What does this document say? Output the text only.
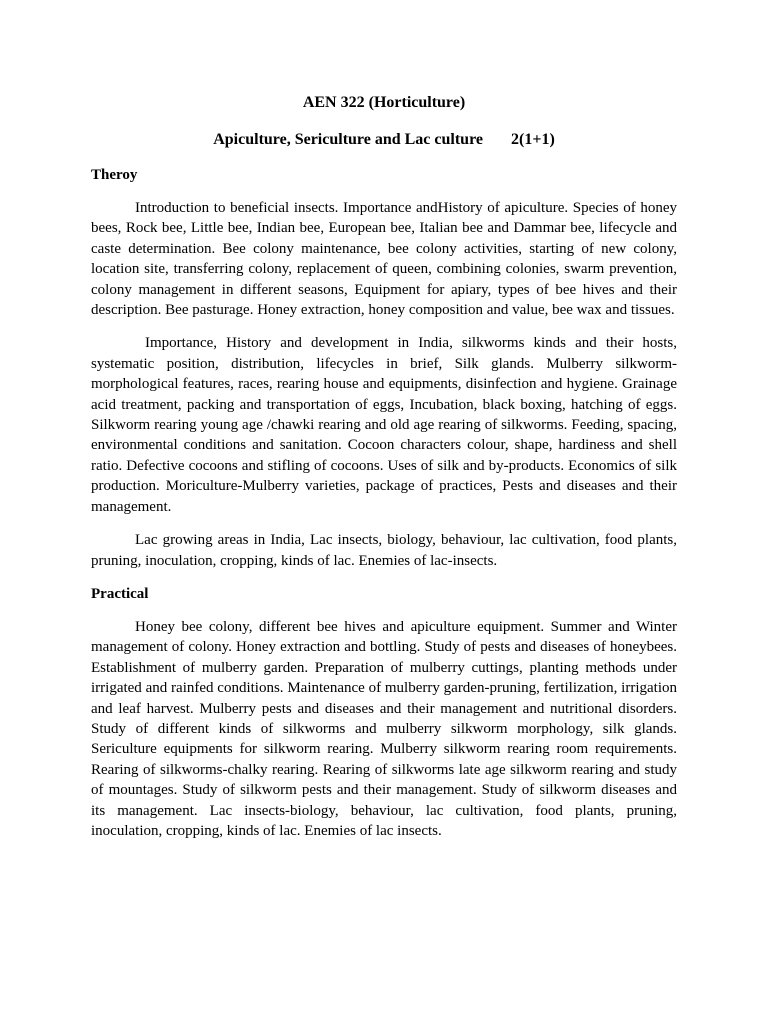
AEN 322 (Horticulture)
Apiculture, Sericulture and Lac culture 2(1+1)
Theroy

Introduction to beneficial insects. Importance andHistory of apiculture. Species of honey bees, Rock bee, Little bee, Indian bee, European bee, Italian bee and Dammar bee, lifecycle and caste determination. Bee colony maintenance, bee colony activities, starting of new colony, location site, transferring colony, replacement of queen, combining colonies, swarm prevention, colony management in different seasons, Equipment for apiary, types of bee hives and their description. Bee pasturage. Honey extraction, honey composition and value, bee wax and tissues.

Importance, History and development in India, silkworms kinds and their hosts, systematic position, distribution, lifecycles in brief, Silk glands. Mulberry silkworm-morphological features, races, rearing house and equipments, disinfection and hygiene. Grainage acid treatment, packing and transportation of eggs, Incubation, black boxing, hatching of eggs. Silkworm rearing young age /chawki rearing and old age rearing of silkworms. Feeding, spacing, environmental conditions and sanitation. Cocoon characters colour, shape, hardiness and shell ratio. Defective cocoons and stifling of cocoons. Uses of silk and by-products. Economics of silk production. Moriculture-Mulberry varieties, package of practices, Pests and diseases and their management.

Lac growing areas in India, Lac insects, biology, behaviour, lac cultivation, food plants, pruning, inoculation, cropping, kinds of lac. Enemies of lac-insects.

Practical

Honey bee colony, different bee hives and apiculture equipment. Summer and Winter management of colony. Honey extraction and bottling. Study of pests and diseases of honeybees. Establishment of mulberry garden. Preparation of mulberry cuttings, planting methods under irrigated and rainfed conditions. Maintenance of mulberry garden-pruning, fertilization, irrigation and leaf harvest. Mulberry pests and diseases and their management and nutritional disorders. Study of different kinds of silkworms and mulberry silkworm morphology, silk glands. Sericulture equipments for silkworm rearing. Mulberry silkworm rearing room requirements. Rearing of silkworms-chalky rearing. Rearing of silkworms late age silkworm rearing and study of mountages. Study of silkworm pests and their management. Study of silkworm diseases and its management. Lac insects-biology, behaviour, lac cultivation, food plants, pruning, inoculation, cropping, kinds of lac. Enemies of lac insects.
